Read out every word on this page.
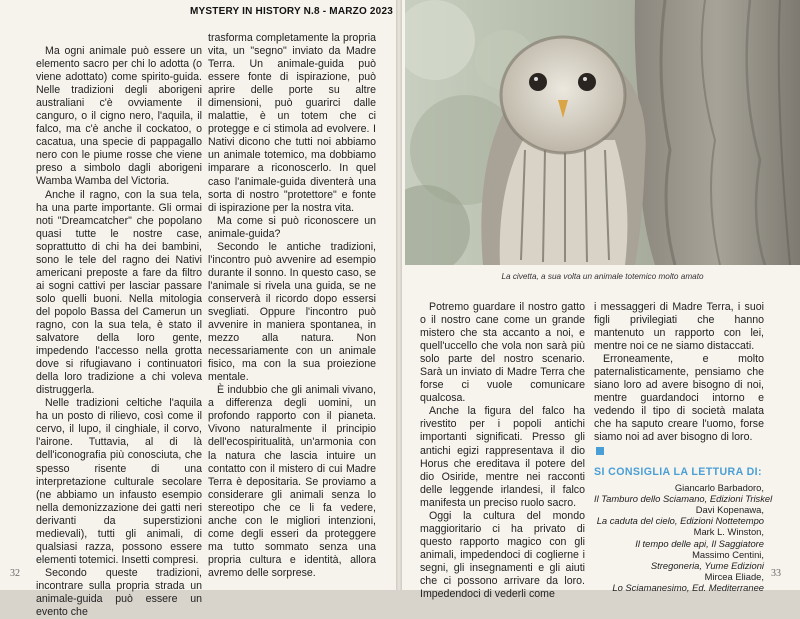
MYSTERY IN HISTORY N.8 - MARZO 2023

Ma ogni animale può essere un elemento sacro per chi lo adotta (o viene adottato) come spirito-guida. Nelle tradizioni degli aborigeni australiani c'è ovviamente il canguro, o il cigno nero, l'aquila, il falco, ma c'è anche il cockatoo, o cacatua, una specie di pappagallo nero con le piume rosse che viene preso a simbolo dagli aborigeni Wamba Wamba del Victoria.

Anche il ragno, con la sua tela, ha una parte importante. Gli ormai noti "Dreamcatcher" che popolano quasi tutte le nostre case, soprattutto di chi ha dei bambini, sono le tele del ragno dei Nativi americani preposte a fare da filtro ai sogni cattivi per lasciar passare solo quelli buoni. Nella mitologia del popolo Bassa del Camerun un ragno, con la sua tela, è stato il salvatore della loro gente, impedendo l'accesso nella grotta dove si rifugiavano i continuatori della loro tradizione a chi voleva distruggerla.

Nelle tradizioni celtiche l'aquila ha un posto di rilievo, così come il cervo, il lupo, il cinghiale, il corvo, l'airone. Tuttavia, al di là dell'iconografia più conosciuta, che spesso risente di una interpretazione culturale secolare (ne abbiamo un infausto esempio nella demonizzazione dei gatti neri derivanti da superstizioni medievali), tutti gli animali, di qualsiasi razza, possono essere elementi totemici. Insetti compresi.

Secondo queste tradizioni, incontrare sulla propria strada un animale-guida può essere un evento che

trasforma completamente la propria vita, un "segno" inviato da Madre Terra. Un animale-guida può essere fonte di ispirazione, può aprire delle porte su altre dimensioni, può guarirci dalle malattie, è un totem che ci protegge e ci stimola ad evolvere. I Nativi dicono che tutti noi abbiamo un animale totemico, ma dobbiamo imparare a riconoscerlo. In quel caso l'animale-guida diventerà una sorta di nostro "protettore" e fonte di ispirazione per la nostra vita.

Ma come si può riconoscere un animale-guida?

Secondo le antiche tradizioni, l'incontro può avvenire ad esempio durante il sonno. In questo caso, se l'animale si rivela una guida, se ne conserverà il ricordo dopo essersi svegliati. Oppure l'incontro può avvenire in maniera spontanea, in mezzo alla natura. Non necessariamente con un animale fisico, ma con la sua proiezione mentale.

È indubbio che gli animali vivano, a differenza degli uomini, un profondo rapporto con il pianeta. Vivono naturalmente il principio dell'ecospiritualità, un'armonia con la natura che lascia intuire un contatto con il mistero di cui Madre Terra è depositaria. Se proviamo a considerare gli animali senza lo stereotipo che ce li fa vedere, anche con le migliori intenzioni, come degli esseri da proteggere ma tutto sommato senza una propria cultura e identità, allora avremo delle sorprese.

32
La civetta, a sua volta un animale totemico molto amato

Potremo guardare il nostro gatto o il nostro cane come un grande mistero che sta accanto a noi, e quell'uccello che vola non sarà più solo parte del nostro scenario. Sarà un inviato di Madre Terra che forse ci vuole comunicare qualcosa.

Anche la figura del falco ha rivestito per i popoli antichi importanti significati. Presso gli antichi egizi rappresentava il dio Horus che ereditava il potere del dio Osiride, mentre nei racconti delle leggende irlandesi, il falco manifesta un preciso ruolo sacro.

Oggi la cultura del mondo maggioritario ci ha privato di questo rapporto magico con gli animali, impedendoci di coglierne i segni, gli insegnamenti e gli aiuti che ci possono arrivare da loro. Impedendoci di vederli come

i messaggeri di Madre Terra, i suoi figli privilegiati che hanno mantenuto un rapporto con lei, mentre noi ce ne siamo distaccati.

Erroneamente, e molto paternalisticamente, pensiamo che siano loro ad avere bisogno di noi, mentre guardandoci intorno e vedendo il tipo di società malata che ha saputo creare l'uomo, forse siamo noi ad aver bisogno di loro.

SI CONSIGLIA LA LETTURA DI:
Giancarlo Barbadoro,
Il Tamburo dello Sciamano, Edizioni Triskel
Davi Kopenawa,
La caduta del cielo, Edizioni Nottetempo
Mark L. Winston,
Il tempo delle api, Il Saggiatore
Massimo Centini,
Stregoneria, Yume Edizioni
Mircea Eliade,
Lo Sciamanesimo, Ed. Mediterranee
33
